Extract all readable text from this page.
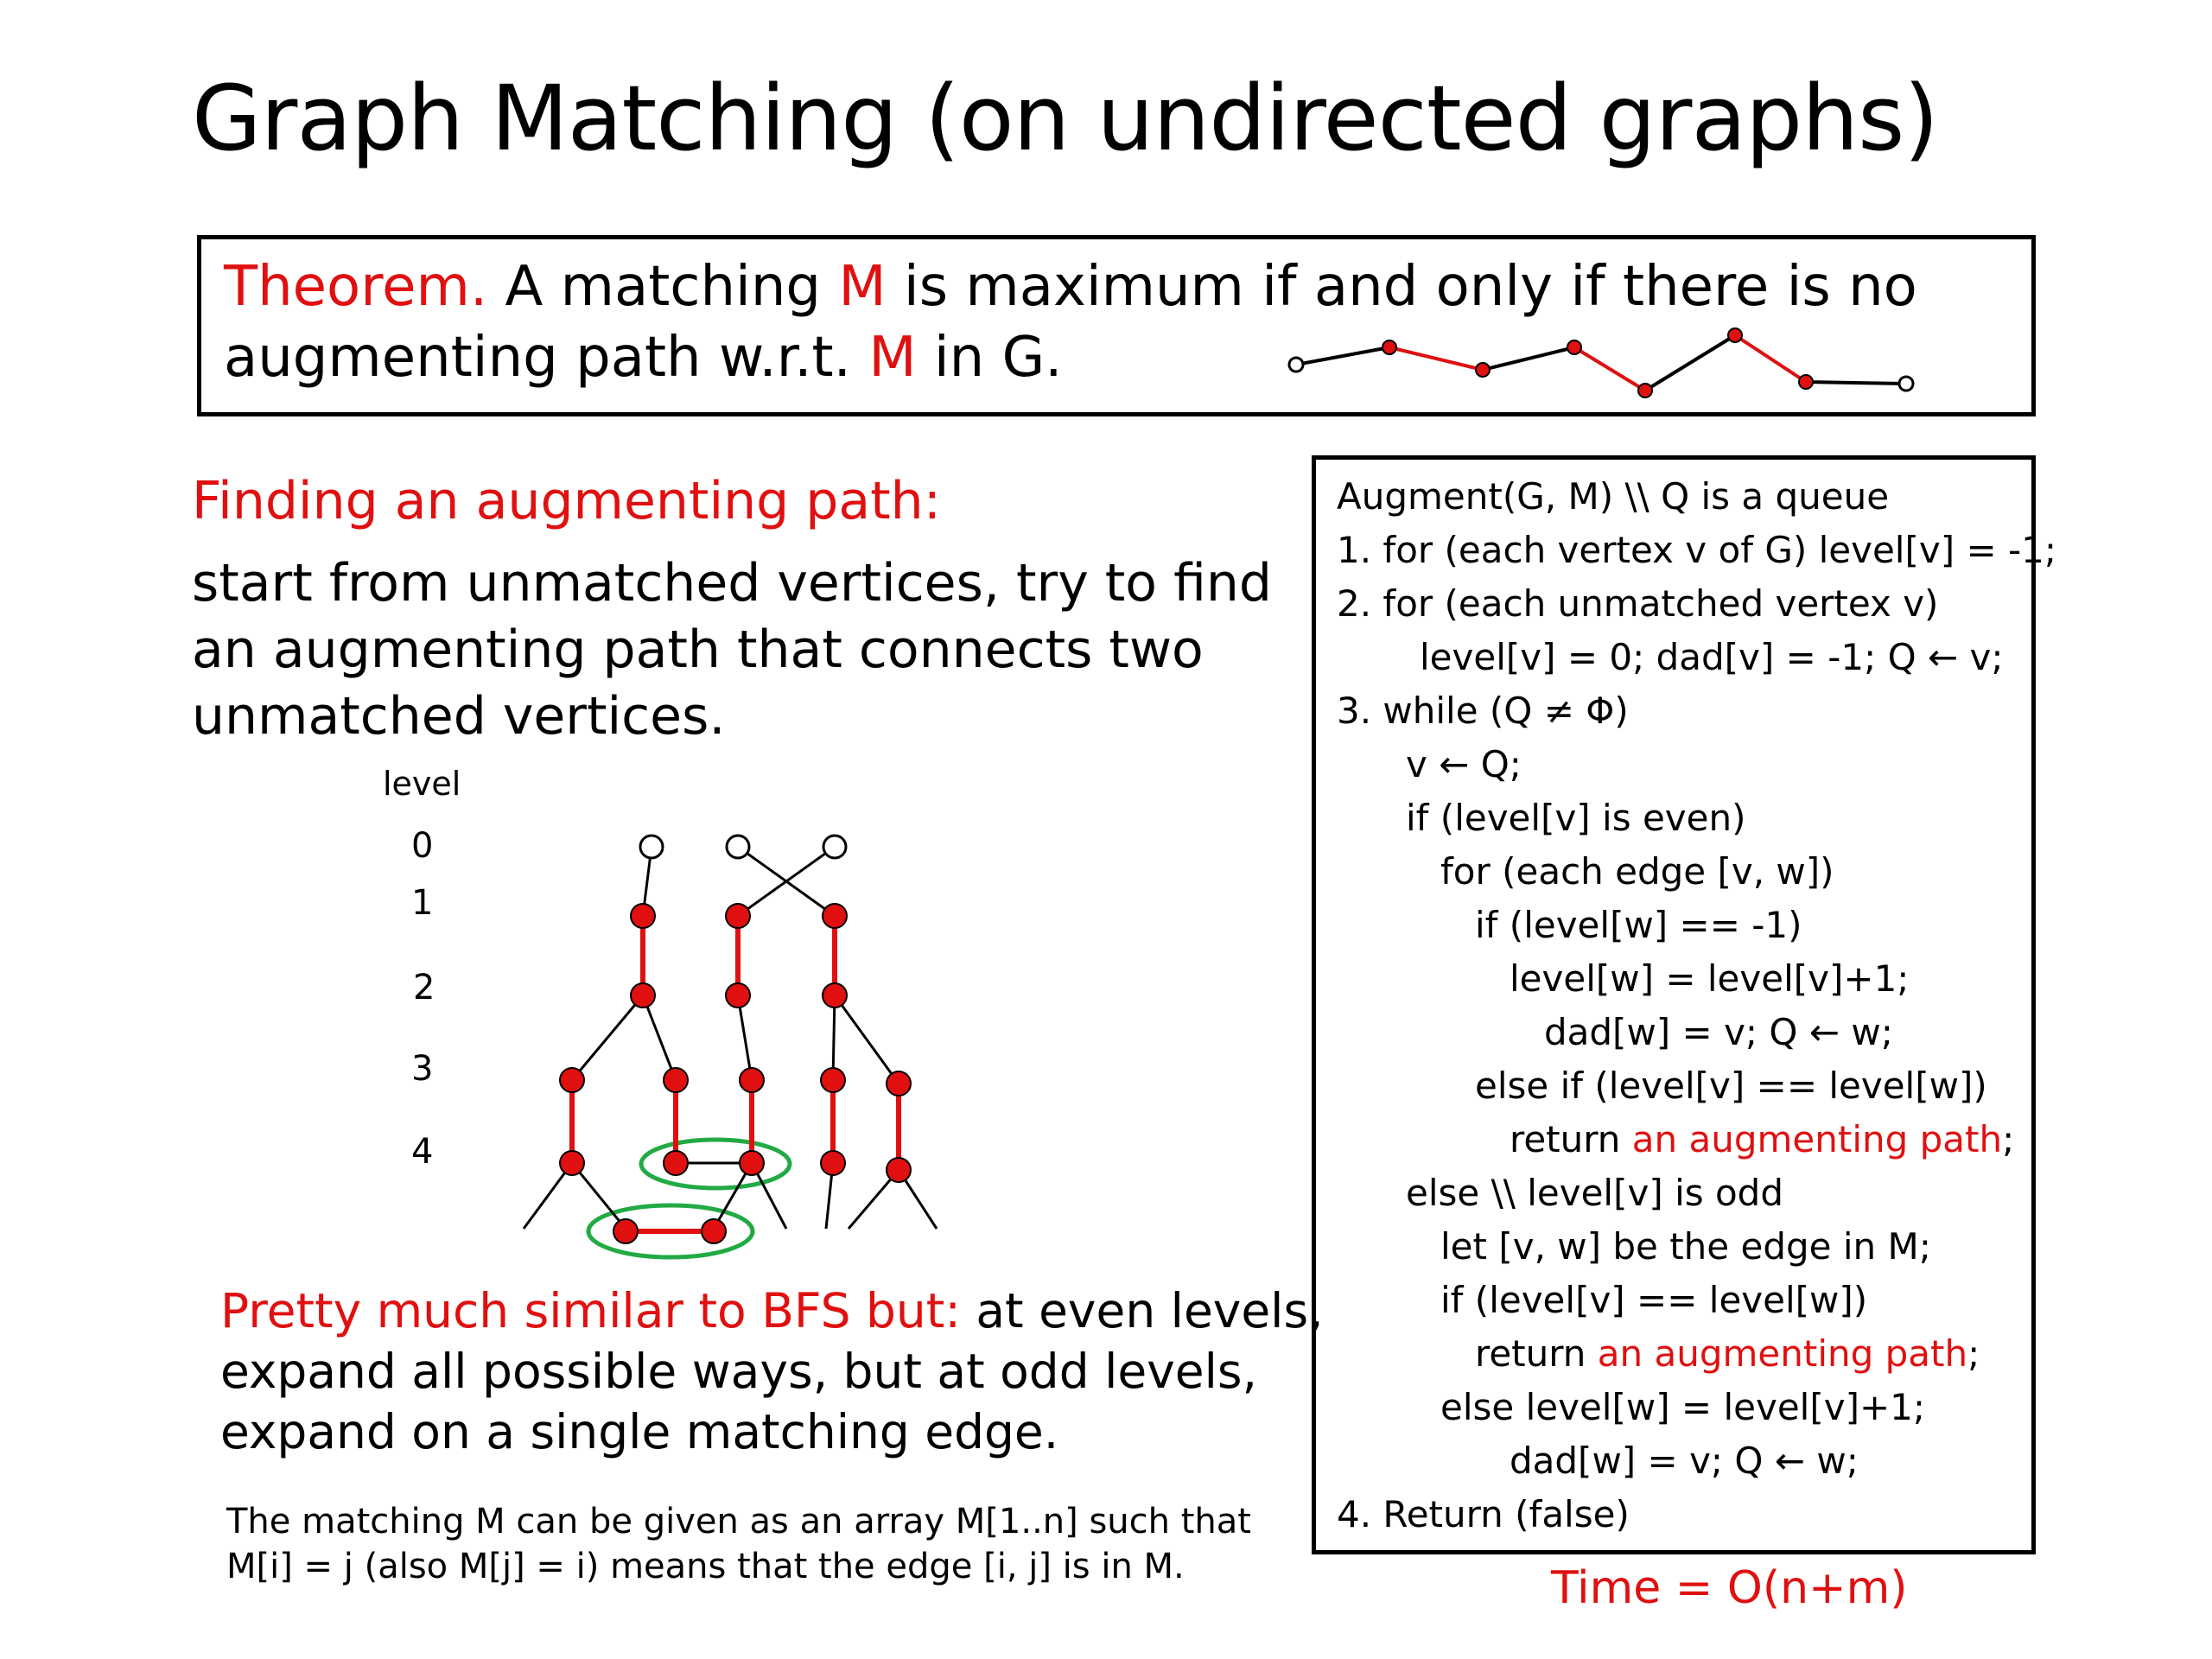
Graph Matching (on undirected graphs)
Theorem. A matching M is maximum if and only if there is no
augmenting path w.r.t. M in G.
Finding an augmenting path:
start from unmatched vertices, try to find
an augmenting path that connects two
unmatched vertices.
level
0
1
2
3
4
Pretty much similar to BFS but: at even levels,
expand all possible ways, but at odd levels,
expand on a single matching edge.
The matching M can be given as an array M[1..n] such that
M[i] = j (also M[j] = i) means that the edge [i, j] is in M.
Augment(G, M) \\ Q is a queue
1. for (each vertex v of G) level[v] = -1;
2. for (each unmatched vertex v)
level[v] = 0; dad[v] = -1; Q ← v;
3. while (Q ≠ Φ)
v ← Q;
if (level[v] is even)
for (each edge [v, w])
if (level[w] == -1)
level[w] = level[v]+1;
dad[w] = v; Q ← w;
else if (level[v] == level[w])
return an augmenting path;
else \\ level[v] is odd
let [v, w] be the edge in M;
if (level[v] == level[w])
return an augmenting path;
else level[w] = level[v]+1;
dad[w] = v; Q ← w;
4. Return (false)
Time = O(n+m)
